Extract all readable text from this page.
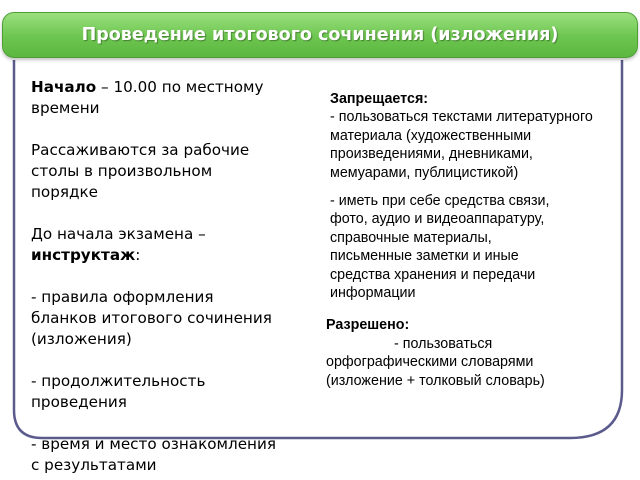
Проведение итогового сочинения (изложения)

Начало – 10.00 по местному

времени

Рассаживаются за рабочие

столы в произвольном

порядке

До начала экзамена –

инструктаж:

- правила оформления

бланков итогового сочинения

(изложения)

- продолжительность

проведения

- время и место ознакомления

с результатами

Запрещается:

- пользоваться текстами литературного

материала (художественными

произведениями, дневниками,

мемуарами, публицистикой)

- иметь при себе средства связи,

фото, аудио и видеоаппаратуру,

справочные материалы,

письменные заметки и иные

средства хранения и передачи

информации

Разрешено:

- пользоваться

орфографическими словарями

(изложение + толковый словарь)
